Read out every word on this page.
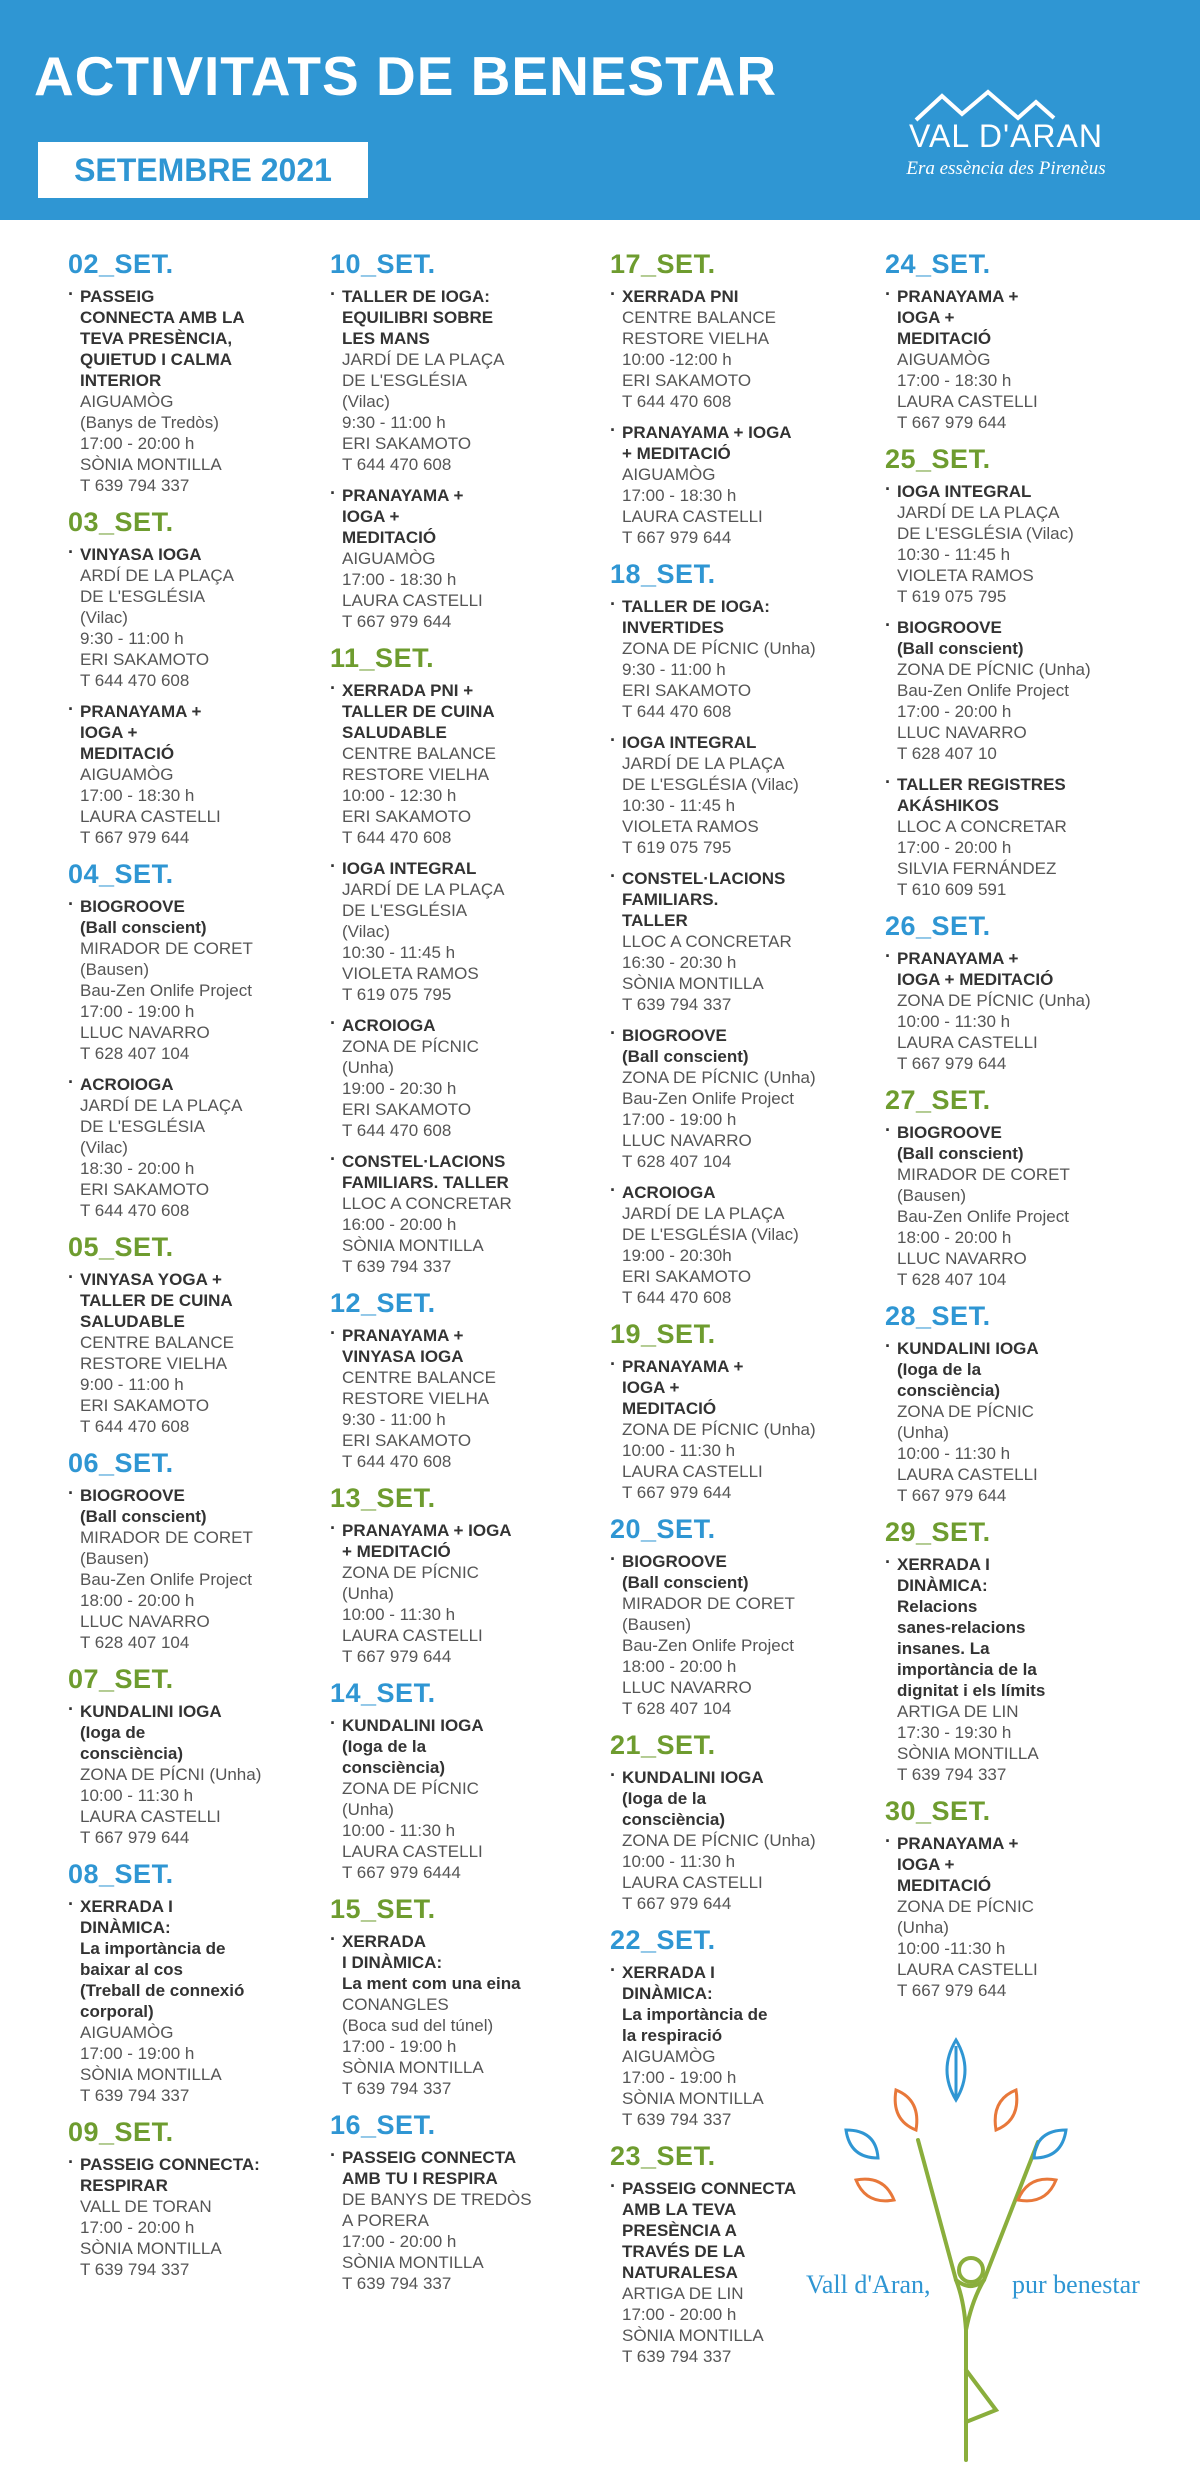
ACTIVITATS DE BENESTAR
SETEMBRE 2021
VAL D'ARAN
Era essència des Pirenèus
02_SET.
· PASSEIG
CONNECTA AMB LA
TEVA PRESÈNCIA,
QUIETUD I CALMA
INTERIOR
AIGUAMÒG
(Banys de Tredòs)
17:00 - 20:00 h
SÒNIA MONTILLA
T 639 794 337
03_SET.
· VINYASA IOGA
ARDÍ DE LA PLAÇA
DE L'ESGLÉSIA
(Vilac)
9:30 - 11:00 h
ERI SAKAMOTO
T 644 470 608
· PRANAYAMA +
IOGA +
MEDITACIÓ
AIGUAMÒG
17:00 - 18:30 h
LAURA CASTELLI
T 667 979 644
04_SET.
· BIOGROOVE
(Ball conscient)
MIRADOR DE CORET
(Bausen)
Bau-Zen Onlife Project
17:00 - 19:00 h
LLUC NAVARRO
T 628 407 104
· ACROIOGA
JARDÍ DE LA PLAÇA
DE L'ESGLÉSIA
(Vilac)
18:30 - 20:00 h
ERI SAKAMOTO
T 644 470 608
05_SET.
· VINYASA YOGA +
TALLER DE CUINA
SALUDABLE
CENTRE BALANCE
RESTORE VIELHA
9:00 - 11:00 h
ERI SAKAMOTO
T 644 470 608
06_SET.
· BIOGROOVE
(Ball conscient)
MIRADOR DE CORET
(Bausen)
Bau-Zen Onlife Project
18:00 - 20:00 h
LLUC NAVARRO
T 628 407 104
07_SET.
· KUNDALINI IOGA
(Ioga de
consciència)
ZONA DE PÍCNI (Unha)
10:00 - 11:30 h
LAURA CASTELLI
T 667 979 644
08_SET.
· XERRADA I
DINÀMICA:
La importància de
baixar al cos
(Treball de connexió
corporal)
AIGUAMÒG
17:00 - 19:00 h
SÒNIA MONTILLA
T 639 794 337
09_SET.
· PASSEIG CONNECTA:
RESPIRAR
VALL DE TORAN
17:00 - 20:00 h
SÒNIA MONTILLA
T 639 794 337
10_SET.
· TALLER DE IOGA:
EQUILIBRI SOBRE
LES MANS
JARDÍ DE LA PLAÇA
DE L'ESGLÉSIA
(Vilac)
9:30 - 11:00 h
ERI SAKAMOTO
T 644 470 608
· PRANAYAMA +
IOGA +
MEDITACIÓ
AIGUAMÒG
17:00 - 18:30 h
LAURA CASTELLI
T 667 979 644
11_SET.
· XERRADA PNI +
TALLER DE CUINA
SALUDABLE
CENTRE BALANCE
RESTORE VIELHA
10:00 - 12:30 h
ERI SAKAMOTO
T 644 470 608
· IOGA INTEGRAL
JARDÍ DE LA PLAÇA
DE L'ESGLÉSIA
(Vilac)
10:30 - 11:45 h
VIOLETA RAMOS
T 619 075 795
· ACROIOGA
ZONA DE PÍCNIC
(Unha)
19:00 - 20:30 h
ERI SAKAMOTO
T 644 470 608
· CONSTEL·LACIONS
FAMILIARS. TALLER
LLOC A CONCRETAR
16:00 - 20:00 h
SÒNIA MONTILLA
T 639 794 337
12_SET.
· PRANAYAMA +
VINYASA IOGA
CENTRE BALANCE
RESTORE VIELHA
9:30 - 11:00 h
ERI SAKAMOTO
T 644 470 608
13_SET.
· PRANAYAMA + IOGA
+ MEDITACIÓ
ZONA DE PÍCNIC
(Unha)
10:00 - 11:30 h
LAURA CASTELLI
T 667 979 644
14_SET.
· KUNDALINI IOGA
(Ioga de la
consciència)
ZONA DE PÍCNIC
(Unha)
10:00 - 11:30 h
LAURA CASTELLI
T 667 979 6444
15_SET.
· XERRADA
I DINÀMICA:
La ment com una eina
CONANGLES
(Boca sud del túnel)
17:00 - 19:00 h
SÒNIA MONTILLA
T 639 794 337
16_SET.
· PASSEIG CONNECTA
AMB TU I RESPIRA
DE BANYS DE TREDÒS
A PORERA
17:00 - 20:00 h
SÒNIA MONTILLA
T 639 794 337
17_SET.
· XERRADA PNI
CENTRE BALANCE
RESTORE VIELHA
10:00 -12:00 h
ERI SAKAMOTO
T 644 470 608
· PRANAYAMA + IOGA
+ MEDITACIÓ
AIGUAMÒG
17:00 - 18:30 h
LAURA CASTELLI
T 667 979 644
18_SET.
· TALLER DE IOGA:
INVERTIDES
ZONA DE PÍCNIC (Unha)
9:30 - 11:00 h
ERI SAKAMOTO
T 644 470 608
· IOGA INTEGRAL
JARDÍ DE LA PLAÇA
DE L'ESGLÉSIA (Vilac)
10:30 - 11:45 h
VIOLETA RAMOS
T 619 075 795
· CONSTEL·LACIONS
FAMILIARS.
TALLER
LLOC A CONCRETAR
16:30 - 20:30 h
SÒNIA MONTILLA
T 639 794 337
· BIOGROOVE
(Ball conscient)
ZONA DE PÍCNIC (Unha)
Bau-Zen Onlife Project
17:00 - 19:00 h
LLUC NAVARRO
T 628 407 104
· ACROIOGA
JARDÍ DE LA PLAÇA
DE L'ESGLÉSIA (Vilac)
19:00 - 20:30h
ERI SAKAMOTO
T 644 470 608
19_SET.
· PRANAYAMA +
IOGA +
MEDITACIÓ
ZONA DE PÍCNIC (Unha)
10:00 - 11:30 h
LAURA CASTELLI
T 667 979 644
20_SET.
· BIOGROOVE
(Ball conscient)
MIRADOR DE CORET
(Bausen)
Bau-Zen Onlife Project
18:00 - 20:00 h
LLUC NAVARRO
T 628 407 104
21_SET.
· KUNDALINI IOGA
(Ioga de la
consciència)
ZONA DE PÍCNIC (Unha)
10:00 - 11:30 h
LAURA CASTELLI
T 667 979 644
22_SET.
· XERRADA I
DINÀMICA:
La importància de
la respiració
AIGUAMÒG
17:00 - 19:00 h
SÒNIA MONTILLA
T 639 794 337
23_SET.
· PASSEIG CONNECTA
AMB LA TEVA
PRESÈNCIA A
TRAVÉS DE LA
NATURALESA
ARTIGA DE LIN
17:00 - 20:00 h
SÒNIA MONTILLA
T 639 794 337
24_SET.
· PRANAYAMA +
IOGA +
MEDITACIÓ
AIGUAMÒG
17:00 - 18:30 h
LAURA CASTELLI
T 667 979 644
25_SET.
· IOGA INTEGRAL
JARDÍ DE LA PLAÇA
DE L'ESGLÉSIA (Vilac)
10:30 - 11:45 h
VIOLETA RAMOS
T 619 075 795
· BIOGROOVE
(Ball conscient)
ZONA DE PÍCNIC (Unha)
Bau-Zen Onlife Project
17:00 - 20:00 h
LLUC NAVARRO
T 628 407 10
· TALLER REGISTRES
AKÁSHIKOS
LLOC A CONCRETAR
17:00 - 20:00 h
SILVIA FERNÁNDEZ
T 610 609 591
26_SET.
· PRANAYAMA +
IOGA + MEDITACIÓ
ZONA DE PÍCNIC (Unha)
10:00 - 11:30 h
LAURA CASTELLI
T 667 979 644
27_SET.
· BIOGROOVE
(Ball conscient)
MIRADOR DE CORET
(Bausen)
Bau-Zen Onlife Project
18:00 - 20:00 h
LLUC NAVARRO
T 628 407 104
28_SET.
· KUNDALINI IOGA
(Ioga de la
consciència)
ZONA DE PÍCNIC
(Unha)
10:00 - 11:30 h
LAURA CASTELLI
T 667 979 644
29_SET.
· XERRADA I
DINÀMICA:
Relacions
sanes-relacions
insanes. La
importància de la
dignitat i els límits
ARTIGA DE LIN
17:30 - 19:30 h
SÒNIA MONTILLA
T 639 794 337
30_SET.
· PRANAYAMA +
IOGA +
MEDITACIÓ
ZONA DE PÍCNIC
(Unha)
10:00 -11:30 h
LAURA CASTELLI
T 667 979 644
Vall d'Aran,	pur benestar
